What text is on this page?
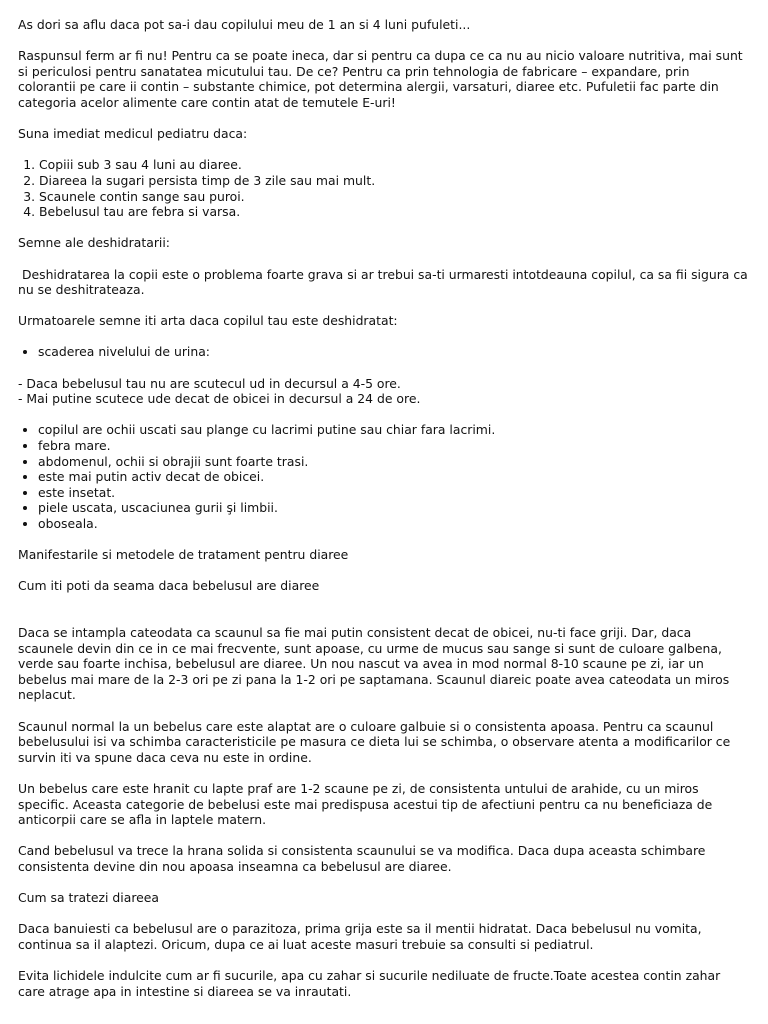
As dori sa aflu daca pot sa-i dau copilului meu de 1 an si 4 luni pufuleti...

Raspunsul ferm ar fi nu! Pentru ca se poate ineca, dar si pentru ca dupa ce ca nu au nicio valoare nutritiva, mai sunt si periculosi pentru sanatatea micutului tau. De ce? Pentru ca prin tehnologia de fabricare – expandare, prin colorantii pe care ii contin – substante chimice, pot determina alergii, varsaturi, diaree etc. Pufuletii fac parte din categoria acelor alimente care contin atat de temutele E-uri!

Suna imediat medicul pediatru daca:

1. Copiii sub 3 sau 4 luni au diaree.
2. Diareea la sugari persista timp de 3 zile sau mai mult.
3. Scaunele contin sange sau puroi.
4. Bebelusul tau are febra si varsa.

Semne ale deshidratarii:

Deshidratarea la copii este o problema foarte grava si ar trebui sa-ti urmaresti intotdeauna copilul, ca sa fii sigura ca nu se deshitrateaza.

Urmatoarele semne iti arta daca copilul tau este deshidratat:

• scaderea nivelului de urina:
- Daca bebelusul tau nu are scutecul ud in decursul a 4-5 ore.
- Mai putine scutece ude decat de obicei in decursul a 24 de ore.
• copilul are ochii uscati sau plange cu lacrimi putine sau chiar fara lacrimi.
• febra mare.
• abdomenul, ochii si obrajii sunt foarte trasi.
• este mai putin activ decat de obicei.
• este insetat.
• piele uscata, uscaciunea gurii şi limbii.
• oboseala.

Manifestarile si metodele de tratament pentru diaree

Cum iti poti da seama daca bebelusul are diaree

Daca se intampla cateodata ca scaunul sa fie mai putin consistent decat de obicei, nu-ti face griji. Dar, daca scaunele devin din ce in ce mai frecvente, sunt apoase, cu urme de mucus sau sange si sunt de culoare galbena, verde sau foarte inchisa, bebelusul are diaree. Un nou nascut va avea in mod normal 8-10 scaune pe zi, iar un bebelus mai mare de la 2-3 ori pe zi pana la 1-2 ori pe saptamana. Scaunul diareic poate avea cateodata un miros neplacut.

Scaunul normal la un bebelus care este alaptat are o culoare galbuie si o consistenta apoasa. Pentru ca scaunul bebelusului isi va schimba caracteristicile pe masura ce dieta lui se schimba, o observare atenta a modificarilor ce survin iti va spune daca ceva nu este in ordine.

Un bebelus care este hranit cu lapte praf are 1-2 scaune pe zi, de consistenta untului de arahide, cu un miros specific. Aceasta categorie de bebelusi este mai predispusa acestui tip de afectiuni pentru ca nu beneficiaza de anticorpii care se afla in laptele matern.

Cand bebelusul va trece la hrana solida si consistenta scaunului se va modifica. Daca dupa aceasta schimbare consistenta devine din nou apoasa inseamna ca bebelusul are diaree.

Cum sa tratezi diareea

Daca banuiesti ca bebelusul are o parazitoza, prima grija este sa il mentii hidratat. Daca bebelusul nu vomita, continua sa il alaptezi. Oricum, dupa ce ai luat aceste masuri trebuie sa consulti si pediatrul.

Evita lichidele indulcite cum ar fi sucurile, apa cu zahar si sucurile nediluate de fructe.Toate acestea contin zahar care atrage apa in intestine si diareea se va inrautati.
